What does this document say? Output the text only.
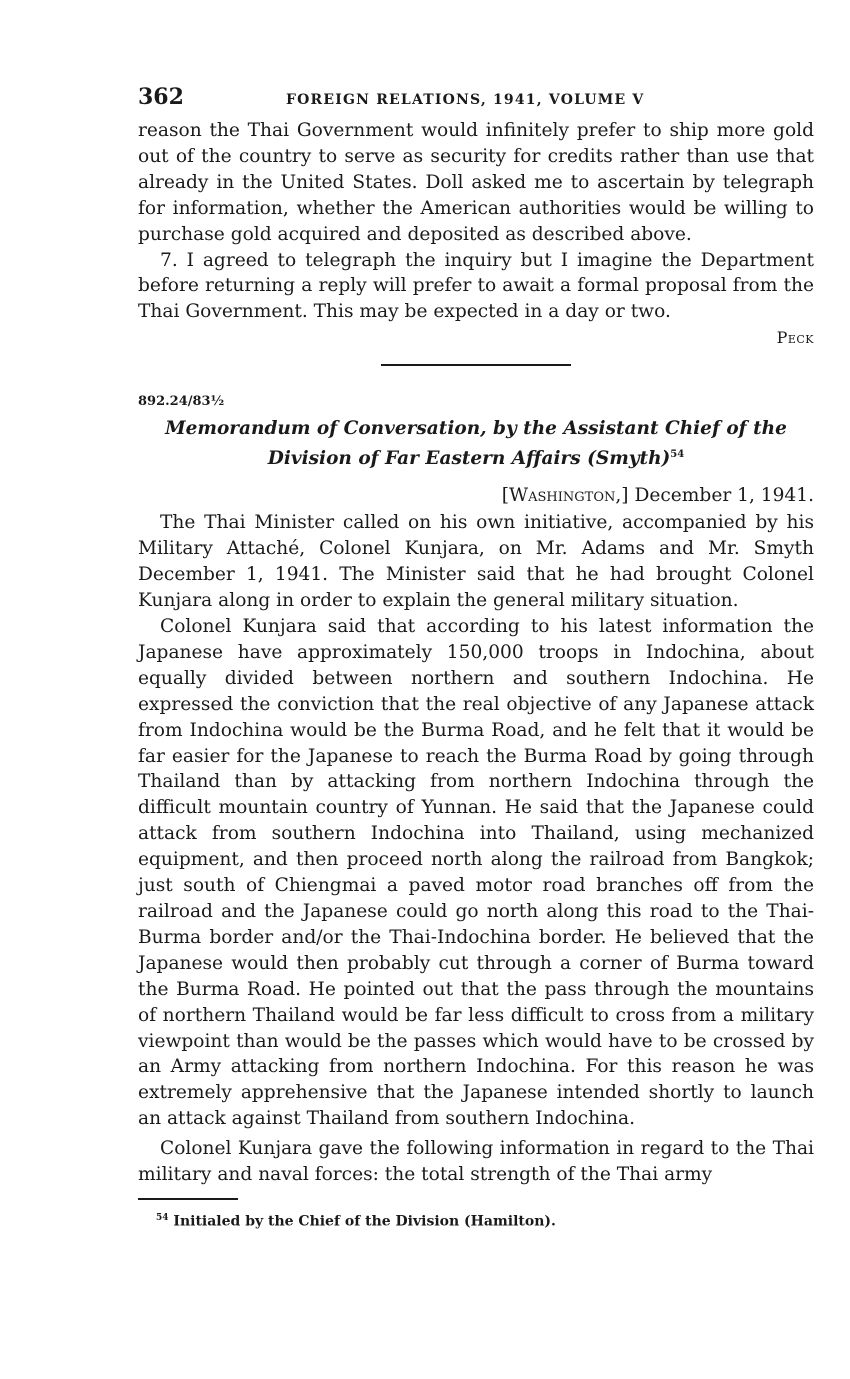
362	FOREIGN RELATIONS, 1941, VOLUME V

reason the Thai Government would infinitely prefer to ship more gold out of the country to serve as security for credits rather than use that already in the United States. Doll asked me to ascertain by telegraph for information, whether the American authorities would be willing to purchase gold acquired and deposited as described above.

7. I agreed to telegraph the inquiry but I imagine the Department before returning a reply will prefer to await a formal proposal from the Thai Government. This may be expected in a day or two.

Peck
892.24/83½
Memorandum of Conversation, by the Assistant Chief of the Division of Far Eastern Affairs (Smyth)$^{54}$
[Washington,] December 1, 1941.

The Thai Minister called on his own initiative, accompanied by his Military Attaché, Colonel Kunjara, on Mr. Adams and Mr. Smyth December 1, 1941. The Minister said that he had brought Colonel Kunjara along in order to explain the general military situation.

Colonel Kunjara said that according to his latest information the Japanese have approximately 150,000 troops in Indochina, about equally divided between northern and southern Indochina. He expressed the conviction that the real objective of any Japanese attack from Indochina would be the Burma Road, and he felt that it would be far easier for the Japanese to reach the Burma Road by going through Thailand than by attacking from northern Indochina through the difficult mountain country of Yunnan. He said that the Japanese could attack from southern Indochina into Thailand, using mechanized equipment, and then proceed north along the railroad from Bangkok; just south of Chiengmai a paved motor road branches off from the railroad and the Japanese could go north along this road to the Thai-Burma border and/or the Thai-Indochina border. He believed that the Japanese would then probably cut through a corner of Burma toward the Burma Road. He pointed out that the pass through the mountains of northern Thailand would be far less difficult to cross from a military viewpoint than would be the passes which would have to be crossed by an Army attacking from northern Indochina. For this reason he was extremely apprehensive that the Japanese intended shortly to launch an attack against Thailand from southern Indochina.

Colonel Kunjara gave the following information in regard to the Thai military and naval forces: the total strength of the Thai army

$^{54}$ Initialed by the Chief of the Division (Hamilton).
